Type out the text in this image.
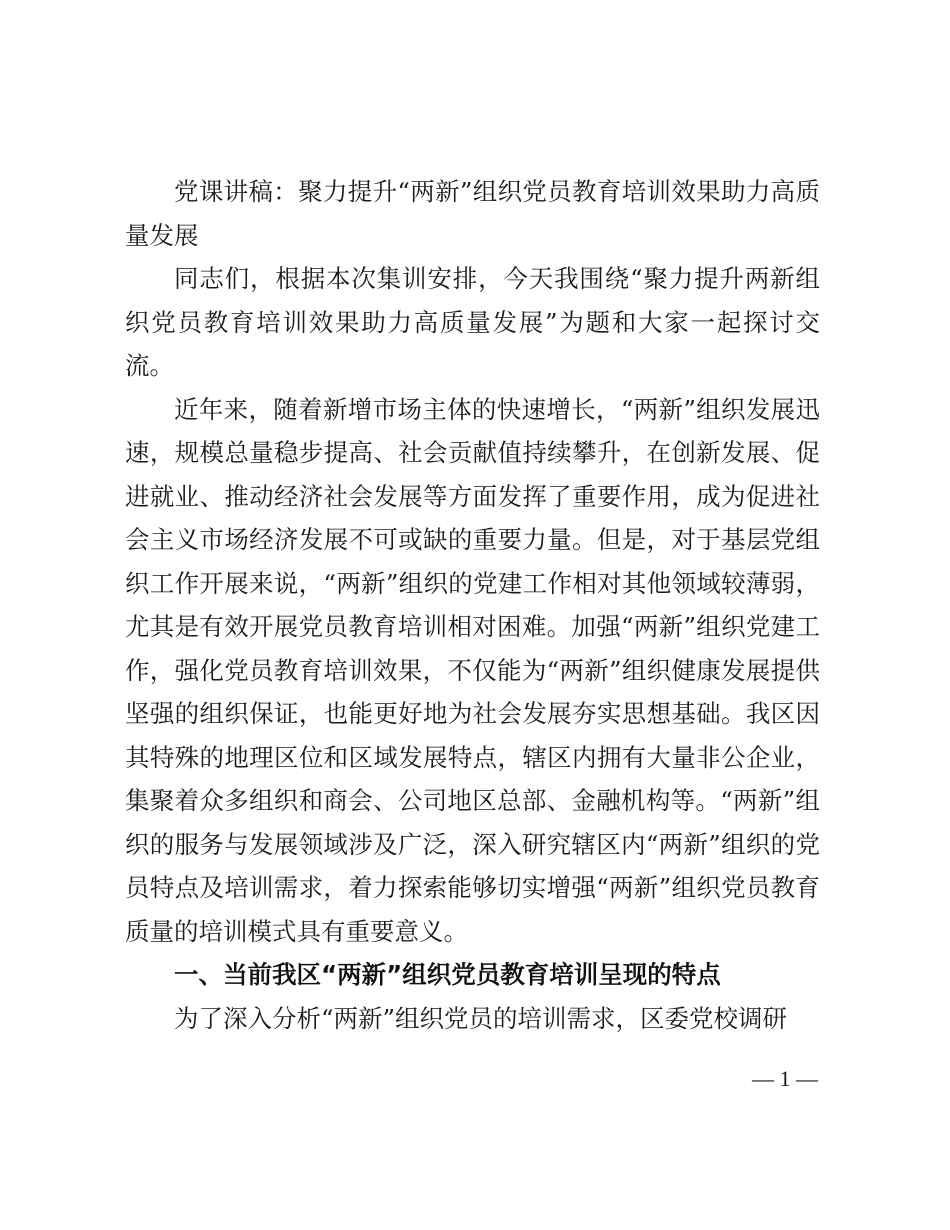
党课讲稿：聚力提升“两新”组织党员教育培训效果助力高质量发展

同志们，根据本次集训安排，今天我围绕“聚力提升两新组织党员教育培训效果助力高质量发展”为题和大家一起探讨交流。

近年来，随着新增市场主体的快速增长，“两新”组织发展迅速，规模总量稳步提高、社会贡献值持续攀升，在创新发展、促进就业、推动经济社会发展等方面发挥了重要作用，成为促进社会主义市场经济发展不可或缺的重要力量。但是，对于基层党组织工作开展来说，“两新”组织的党建工作相对其他领域较薄弱，尤其是有效开展党员教育培训相对困难。加强“两新”组织党建工作，强化党员教育培训效果，不仅能为“两新”组织健康发展提供坚强的组织保证，也能更好地为社会发展夯实思想基础。我区因其特殊的地理区位和区域发展特点，辖区内拥有大量非公企业，集聚着众多组织和商会、公司地区总部、金融机构等。“两新”组织的服务与发展领域涉及广泛，深入研究辖区内“两新”组织的党员特点及培训需求，着力探索能够切实增强“两新”组织党员教育质量的培训模式具有重要意义。

一、当前我区“两新”组织党员教育培训呈现的特点

为了深入分析“两新”组织党员的培训需求，区委党校调研

— 1 —
